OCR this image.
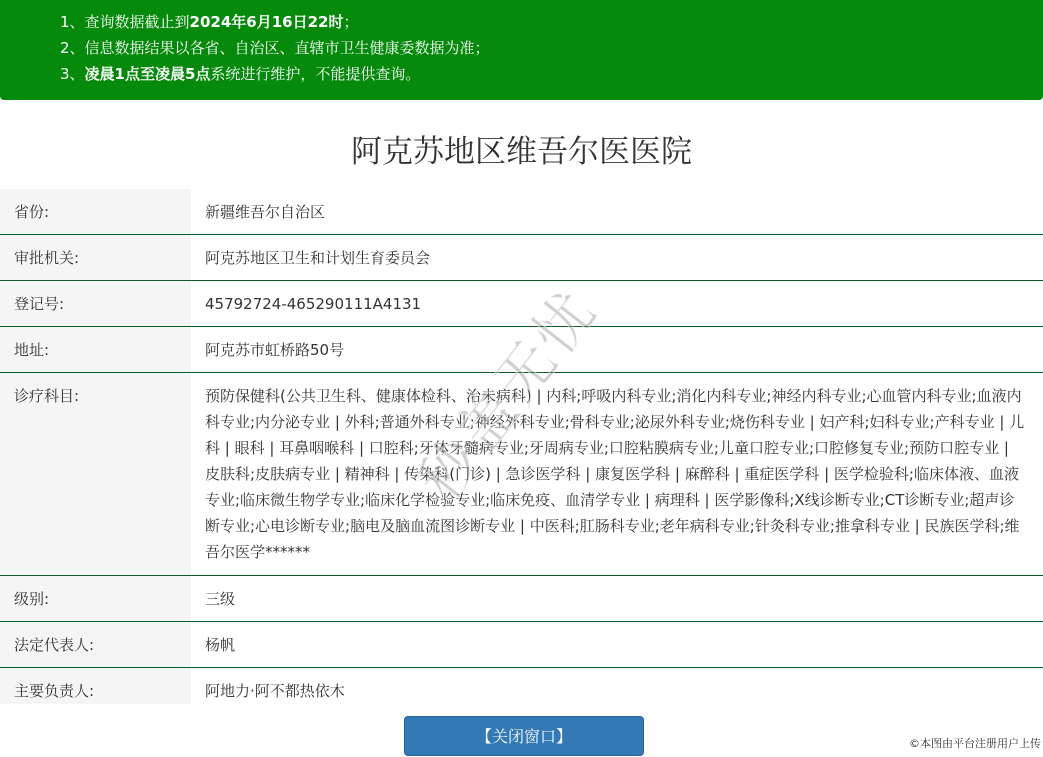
1、查询数据截止到2024年6月16日22时；
2、信息数据结果以各省、自治区、直辖市卫生健康委数据为准；
3、凌晨1点至凌晨5点系统进行维护，不能提供查询。
阿克苏地区维吾尔医医院
省份:	新疆维吾尔自治区
审批机关:	阿克苏地区卫生和计划生育委员会
登记号:	45792724-465290111A4131
地址:	阿克苏市虹桥路50号
诊疗科目:	预防保健科(公共卫生科、健康体检科、治未病科) | 内科;呼吸内科专业;消化内科专业;神经内科专业;心血管内科专业;血液内科专业;内分泌专业 | 外科;普通外科专业;神经外科专业;骨科专业;泌尿外科专业;烧伤科专业 | 妇产科;妇科专业;产科专业 | 儿科 | 眼科 | 耳鼻咽喉科 | 口腔科;牙体牙髓病专业;牙周病专业;口腔粘膜病专业;儿童口腔专业;口腔修复专业;预防口腔专业 | 皮肤科;皮肤病专业 | 精神科 | 传染科(门诊) | 急诊医学科 | 康复医学科 | 麻醉科 | 重症医学科 | 医学检验科;临床体液、血液专业;临床微生物学专业;临床化学检验专业;临床免疫、血清学专业 | 病理科 | 医学影像科;X线诊断专业;CT诊断专业;超声诊断专业;心电诊断专业;脑电及脑血流图诊断专业 | 中医科;肛肠科专业;老年病科专业;针灸科专业;推拿科专业 | 民族医学科;维吾尔医学******
级别:	三级
法定代表人:	杨帆
主要负责人:	阿地力·阿不都热依木
秒盖无忧
【关闭窗口】	©本图由平台注册用户上传
